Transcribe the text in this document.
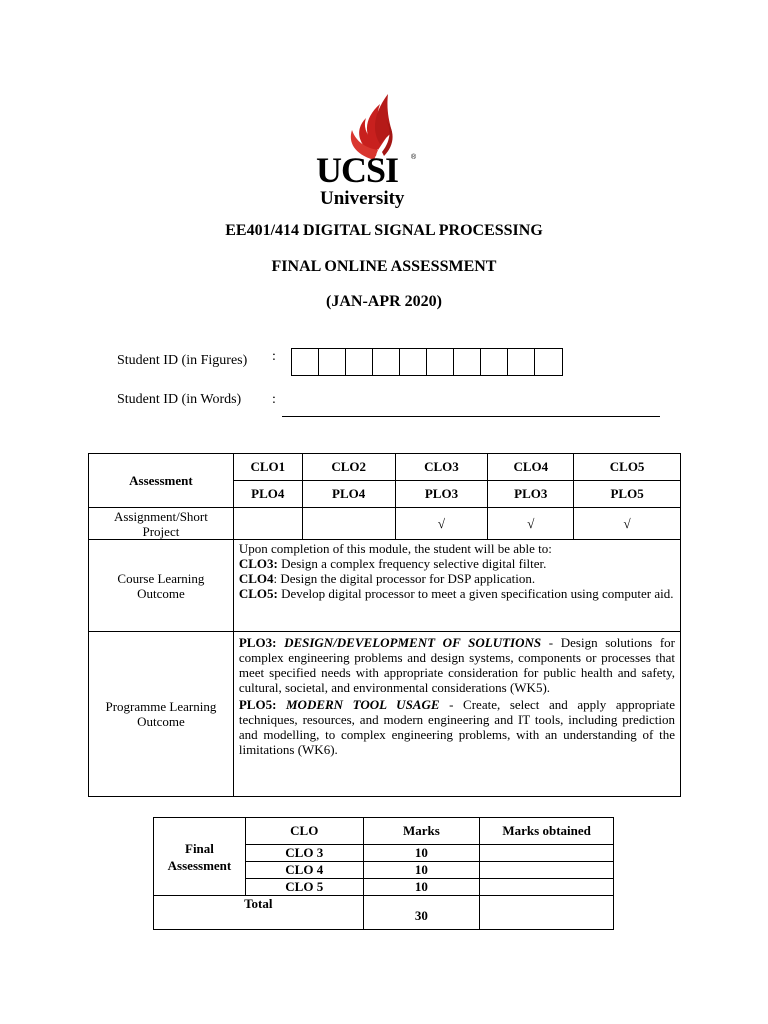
UCSI ®
University
EE401/414 DIGITAL SIGNAL PROCESSING
FINAL ONLINE ASSESSMENT
(JAN-APR 2020)
Student ID (in Figures) :
Student ID (in Words) :
Assessment	CLO1	CLO2	CLO3	CLO4	CLO5
	PLO4	PLO4	PLO3	PLO3	PLO5
Assignment/Short Project			√	√	√
Course Learning Outcome	Upon completion of this module, the student will be able to:

CLO3: Design a complex frequency selective digital filter.

CLO4: Design the digital processor for DSP application.

CLO5: Develop digital processor to meet a given specification using computer aid.				

Programme Learning Outcome	PLO3: DESIGN/DEVELOPMENT OF SOLUTIONS - Design solutions for complex engineering problems and design systems, components or processes that meet specified needs with appropriate consideration for public health and safety, cultural, societal, and environmental considerations (WK5).

PLO5: MODERN TOOL USAGE - Create, select and apply appropriate techniques, resources, and modern engineering and IT tools, including prediction and modelling, to complex engineering problems, with an understanding of the limitations (WK6).				

Final Assessment	CLO	Marks	Marks obtained
	CLO 3	10	
	CLO 4	10	
	CLO 5	10	
Total		30	
